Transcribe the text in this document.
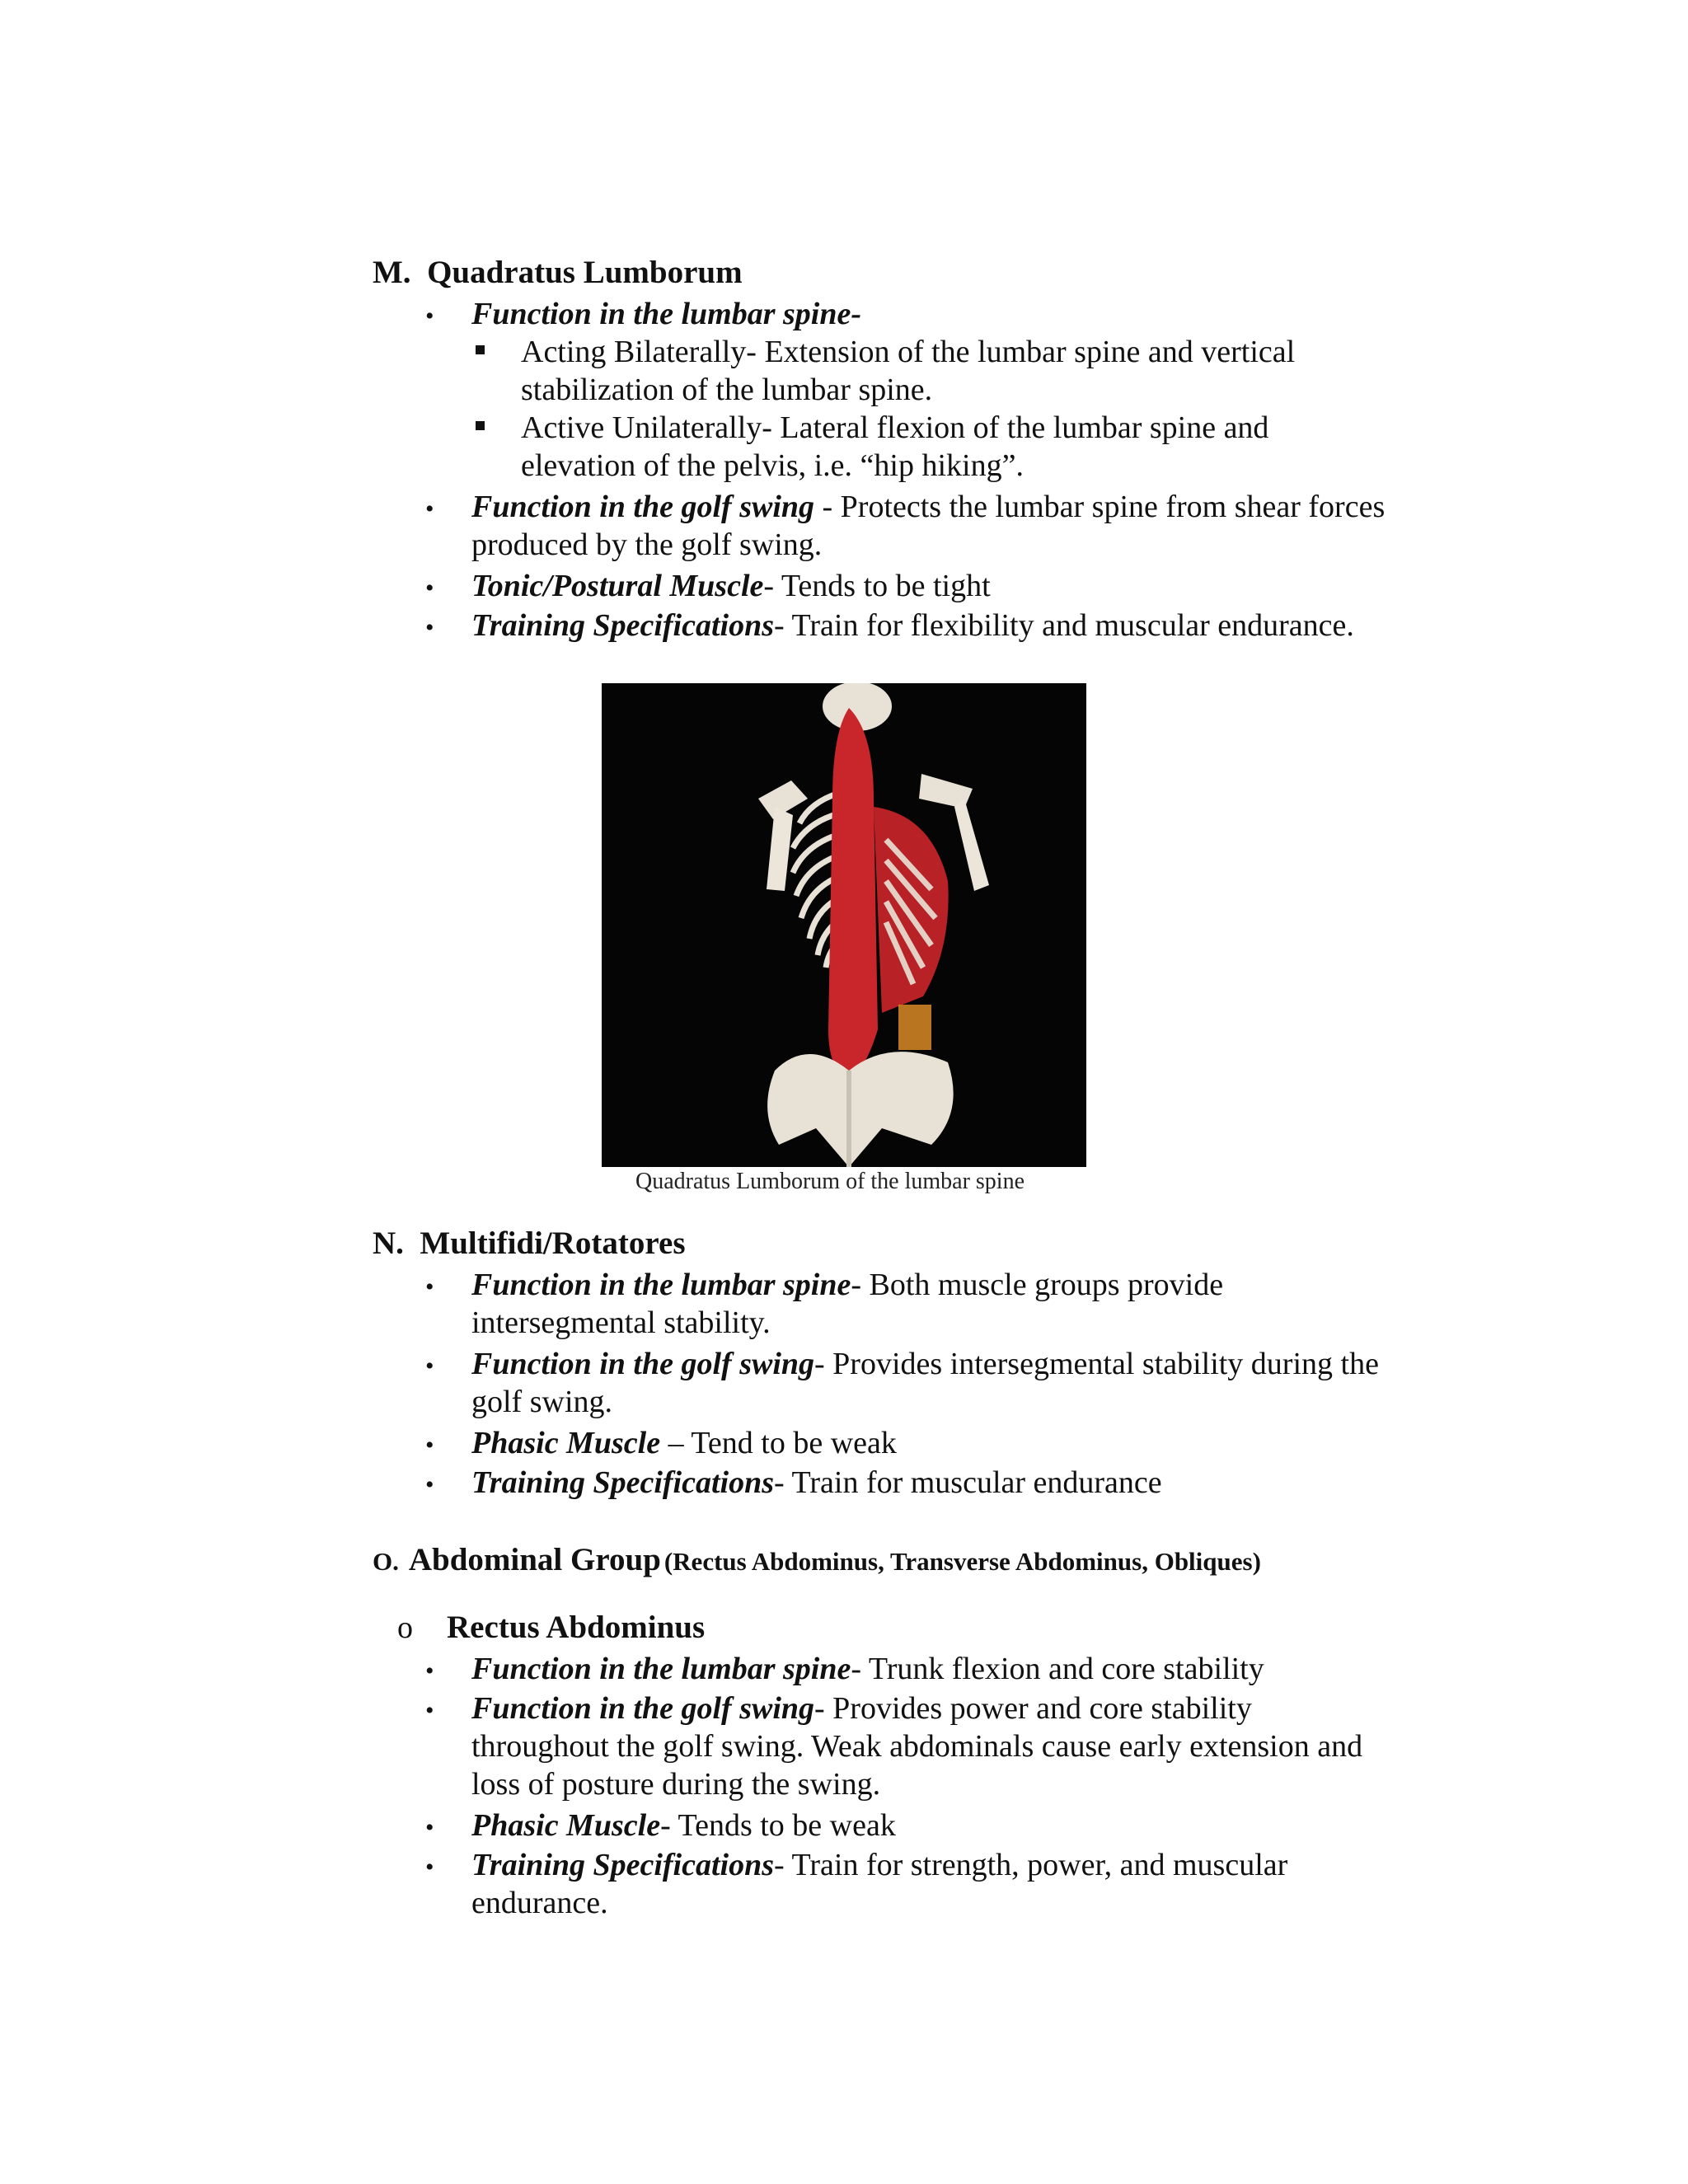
M. Quadratus Lumborum
• Function in the lumbar spine-
Acting Bilaterally- Extension of the lumbar spine and vertical
stabilization of the lumbar spine.
Active Unilaterally- Lateral flexion of the lumbar spine and
elevation of the pelvis, i.e. “hip hiking”.
• Function in the golf swing - Protects the lumbar spine from shear forces
produced by the golf swing.
• Tonic/Postural Muscle- Tends to be tight
• Training Specifications- Train for flexibility and muscular endurance.
Quadratus Lumborum of the lumbar spine
N. Multifidi/Rotatores
• Function in the lumbar spine- Both muscle groups provide
intersegmental stability.
• Function in the golf swing- Provides intersegmental stability during the
golf swing.
• Phasic Muscle – Tend to be weak
• Training Specifications- Train for muscular endurance
O. Abdominal Group (Rectus Abdominus, Transverse Abdominus, Obliques)
o Rectus Abdominus
• Function in the lumbar spine- Trunk flexion and core stability
• Function in the golf swing- Provides power and core stability
throughout the golf swing. Weak abdominals cause early extension and
loss of posture during the swing.
• Phasic Muscle- Tends to be weak
• Training Specifications- Train for strength, power, and muscular
endurance.
